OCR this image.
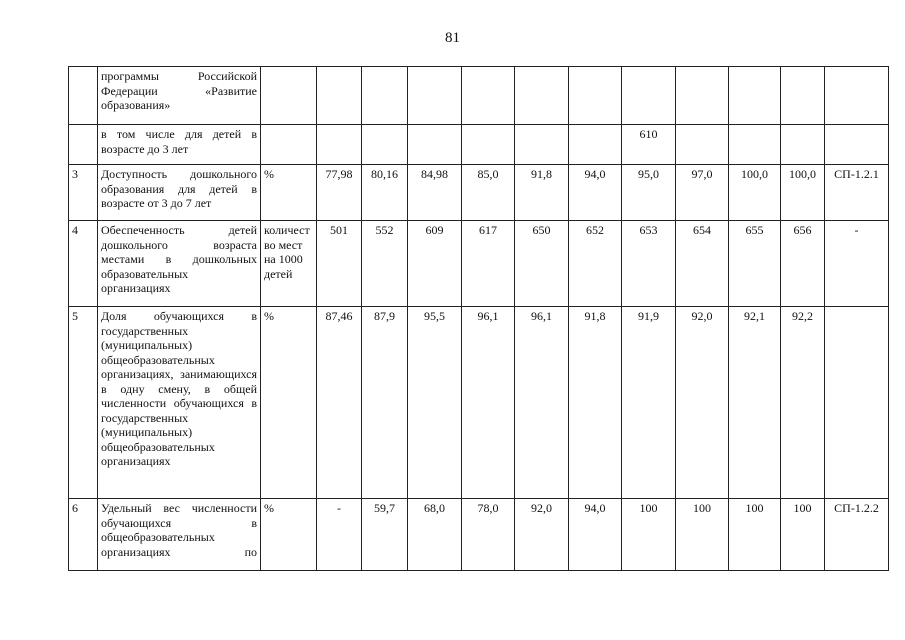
81
	программы Российской Федерации «Развитие образования»												
	в том числе для детей в возрасте до 3 лет								610				
3	Доступность дошкольного образования для детей в возрасте от 3 до 7 лет	%	77,98	80,16	84,98	85,0	91,8	94,0	95,0	97,0	100,0	100,0	СП-1.2.1
4	Обеспеченность детей дошкольного возраста местами в дошкольных образовательных организациях	количест во мест на 1000 детей	501	552	609	617	650	652	653	654	655	656	-
5	Доля обучающихся в государственных (муниципальных) общеобразовательных организациях, занимающихся в одну смену, в общей численности обучающихся в государственных (муниципальных) общеобразовательных организациях	%	87,46	87,9	95,5	96,1	96,1	91,8	91,9	92,0	92,1	92,2	
6	Удельный вес численности обучающихся в общеобразовательных организациях по	%	-	59,7	68,0	78,0	92,0	94,0	100	100	100	100	СП-1.2.2
